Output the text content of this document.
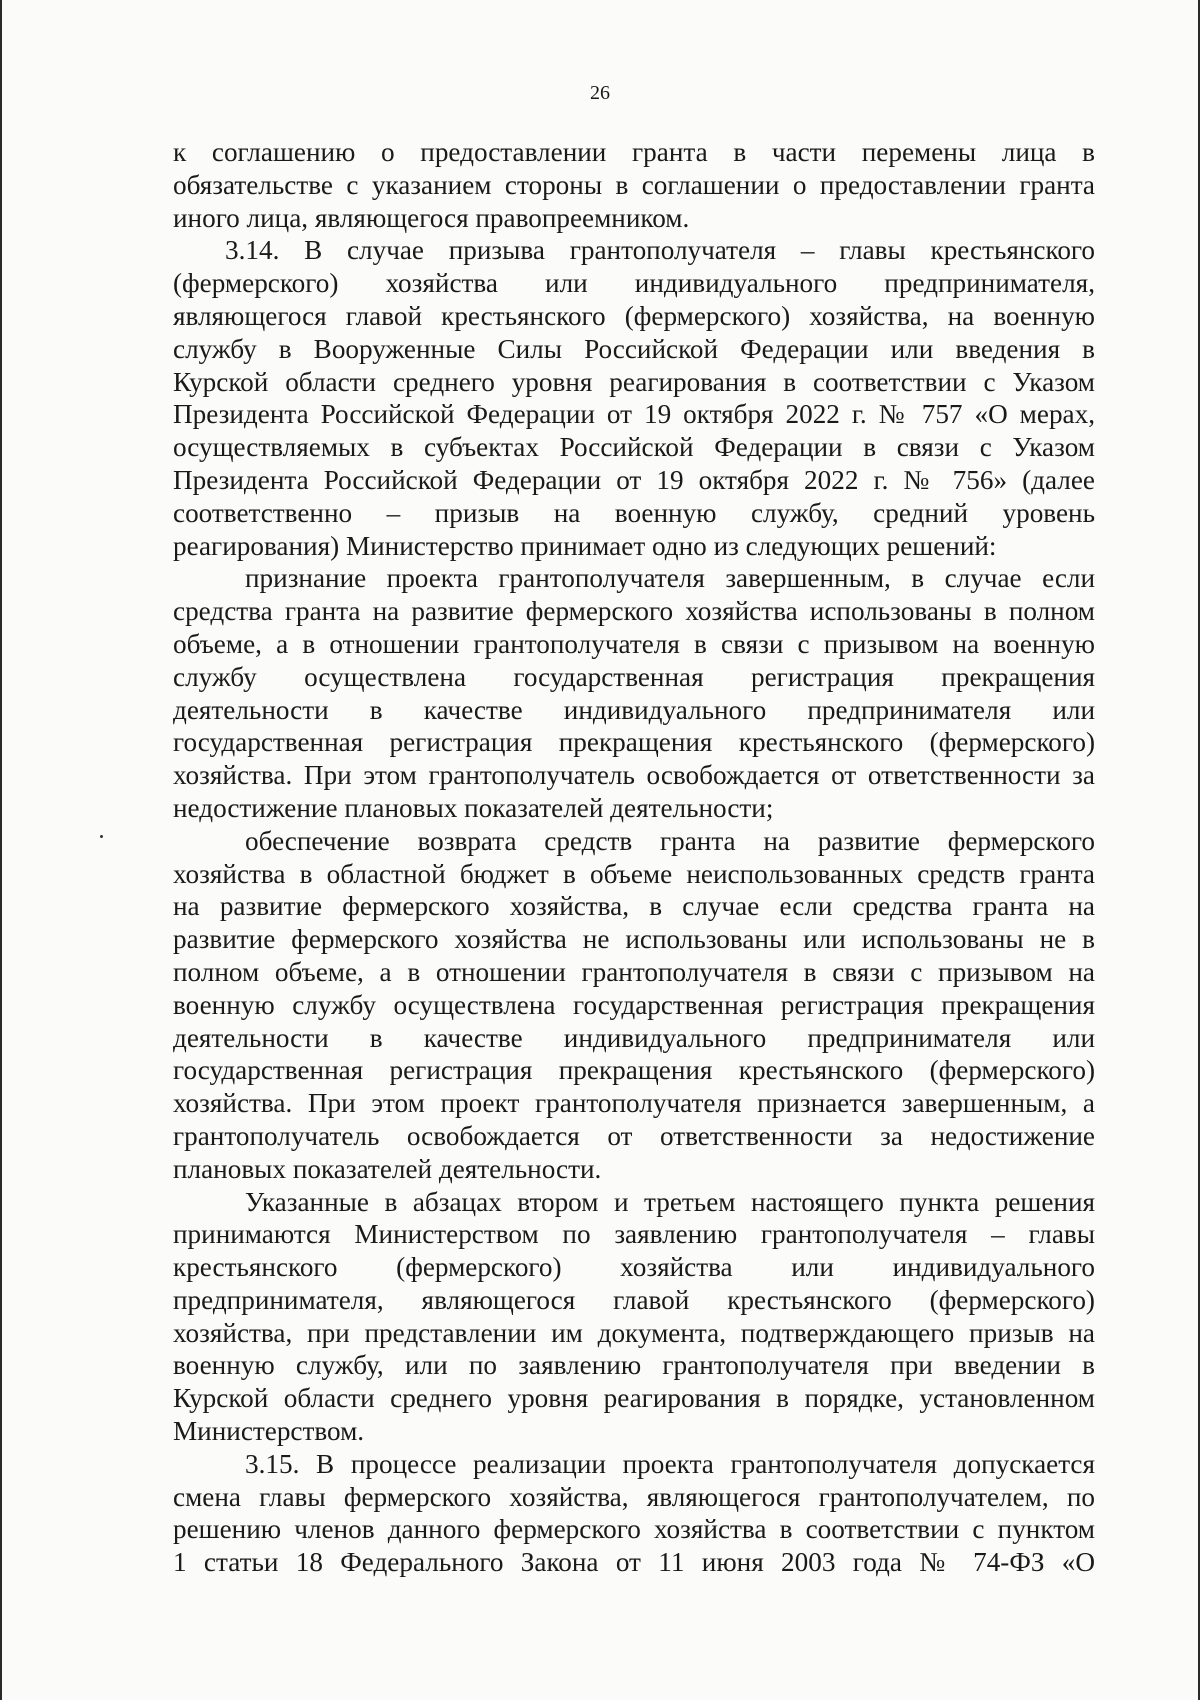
26
к соглашению о предоставлении гранта в части перемены лица в
обязательстве с указанием стороны в соглашении о предоставлении гранта
иного лица, являющегося правопреемником.
3.14. В случае призыва грантополучателя – главы крестьянского
(фермерского) хозяйства или индивидуального предпринимателя,
являющегося главой крестьянского (фермерского) хозяйства, на военную
службу в Вооруженные Силы Российской Федерации или введения в
Курской области среднего уровня реагирования в соответствии с Указом
Президента Российской Федерации от 19 октября 2022 г. № 757 «О мерах,
осуществляемых в субъектах Российской Федерации в связи с Указом
Президента Российской Федерации от 19 октября 2022 г. № 756» (далее
соответственно – призыв на военную службу, средний уровень
реагирования) Министерство принимает одно из следующих решений:
признание проекта грантополучателя завершенным, в случае если
средства гранта на развитие фермерского хозяйства использованы в полном
объеме, а в отношении грантополучателя в связи с призывом на военную
службу осуществлена государственная регистрация прекращения
деятельности в качестве индивидуального предпринимателя или
государственная регистрация прекращения крестьянского (фермерского)
хозяйства. При этом грантополучатель освобождается от ответственности за
недостижение плановых показателей деятельности;
обеспечение возврата средств гранта на развитие фермерского
хозяйства в областной бюджет в объеме неиспользованных средств гранта
на развитие фермерского хозяйства, в случае если средства гранта на
развитие фермерского хозяйства не использованы или использованы не в
полном объеме, а в отношении грантополучателя в связи с призывом на
военную службу осуществлена государственная регистрация прекращения
деятельности в качестве индивидуального предпринимателя или
государственная регистрация прекращения крестьянского (фермерского)
хозяйства. При этом проект грантополучателя признается завершенным, а
грантополучатель освобождается от ответственности за недостижение
плановых показателей деятельности.
Указанные в абзацах втором и третьем настоящего пункта решения
принимаются Министерством по заявлению грантополучателя – главы
крестьянского (фермерского) хозяйства или индивидуального
предпринимателя, являющегося главой крестьянского (фермерского)
хозяйства, при представлении им документа, подтверждающего призыв на
военную службу, или по заявлению грантополучателя при введении в
Курской области среднего уровня реагирования в порядке, установленном
Министерством.
3.15. В процессе реализации проекта грантополучателя допускается
смена главы фермерского хозяйства, являющегося грантополучателем, по
решению членов данного фермерского хозяйства в соответствии с пунктом
1 статьи 18 Федерального Закона от 11 июня 2003 года № 74-ФЗ «О
